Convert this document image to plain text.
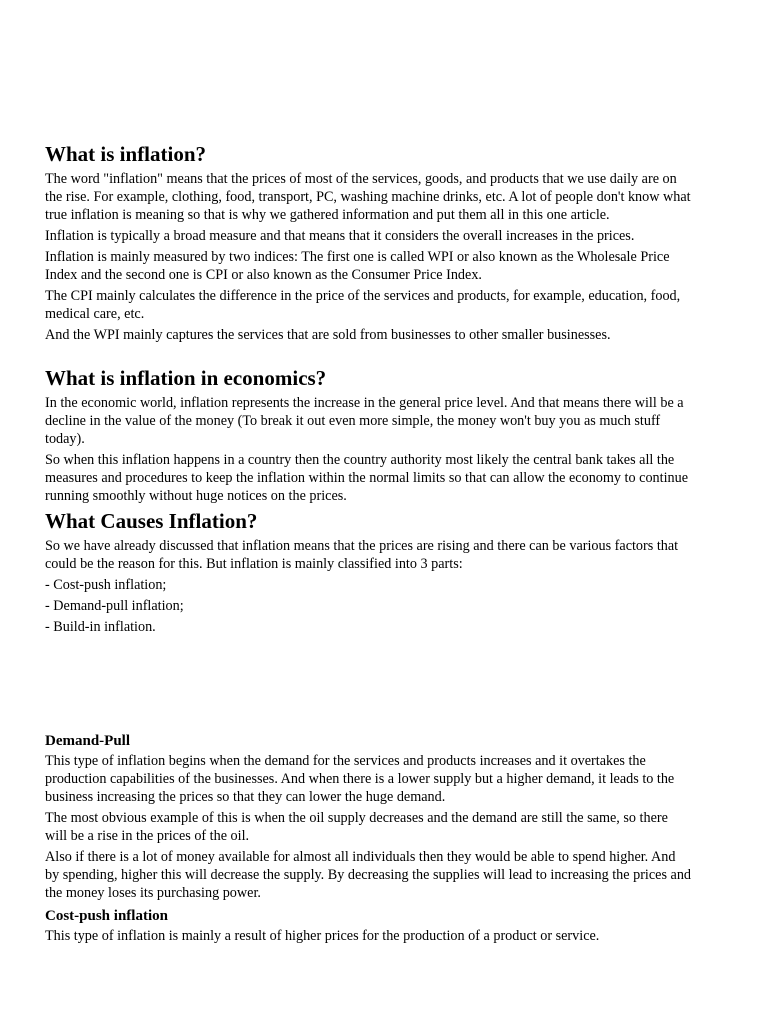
What is inflation?

The word "inflation" means that the prices of most of the services, goods, and products that we use daily are on the rise. For example, clothing, food, transport, PC, washing machine drinks, etc. A lot of people don't know what true inflation is meaning so that is why we gathered information and put them all in this one article.

Inflation is typically a broad measure and that means that it considers the overall increases in the prices.

Inflation is mainly measured by two indices: The first one is called WPI or also known as the Wholesale Price Index and the second one is CPI or also known as the Consumer Price Index.

The CPI mainly calculates the difference in the price of the services and products, for example, education, food, medical care, etc.

And the WPI mainly captures the services that are sold from businesses to other smaller businesses.

What is inflation in economics?

In the economic world, inflation represents the increase in the general price level. And that means there will be a decline in the value of the money (To break it out even more simple, the money won't buy you as much stuff today).

So when this inflation happens in a country then the country authority most likely the central bank takes all the measures and procedures to keep the inflation within the normal limits so that can allow the economy to continue running smoothly without huge notices on the prices.

What Causes Inflation?

So we have already discussed that inflation means that the prices are rising and there can be various factors that could be the reason for this. But inflation is mainly classified into 3 parts:

- Cost-push inflation;

- Demand-pull inflation;

- Build-in inflation.

Demand-Pull

This type of inflation begins when the demand for the services and products increases and it overtakes the production capabilities of the businesses. And when there is a lower supply but a higher demand, it leads to the business increasing the prices so that they can lower the huge demand.

The most obvious example of this is when the oil supply decreases and the demand are still the same, so there will be a rise in the prices of the oil.

Also if there is a lot of money available for almost all individuals then they would be able to spend higher. And by spending, higher this will decrease the supply. By decreasing the supplies will lead to increasing the prices and the money loses its purchasing power.

Cost-push inflation

This type of inflation is mainly a result of higher prices for the production of a product or service.
